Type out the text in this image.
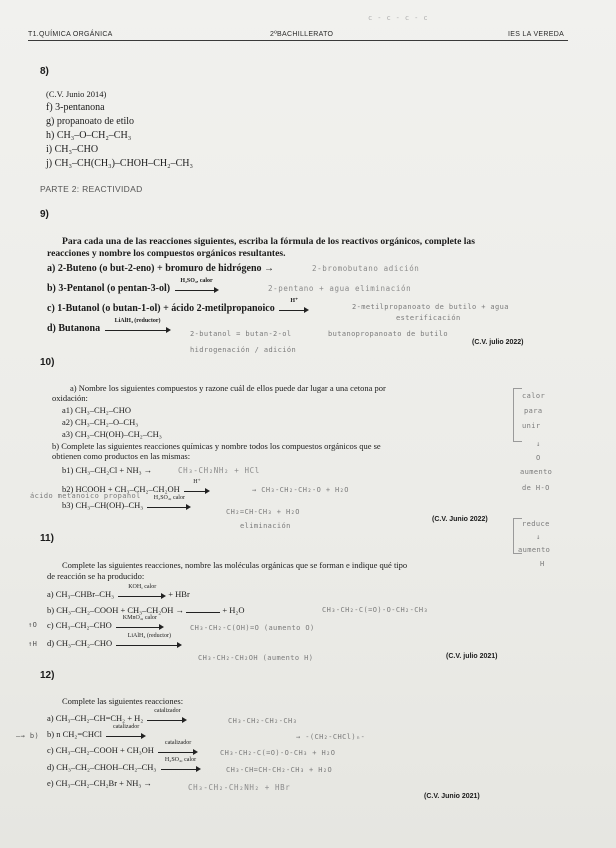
T1.QUÍMICA ORGÁNICA	2ºBACHILLERATO	IES LA VEREDA
c - c - c - c
8)
(C.V. Junio 2014)
f) 3-pentanona
g) propanoato de etilo
h) CH₃–O–CH₂–CH₃
i) CH₃–CHO
j) CH₃–CH(CH₃)–CHOH–CH₂–CH₃
PARTE 2: REACTIVIDAD
9)
Para cada una de las reacciones siguientes, escriba la fórmula de los reactivos orgánicos, complete las
reacciones y nombre los compuestos orgánicos resultantes.
a) 2-Buteno (o but-2-eno) + bromuro de hidrógeno →	2-bromobutano adición
b) 3-Pentanol (o pentan-3-ol)
H₂SO₄, calor
2-pentano + agua eliminación
c) 1-Butanol (o butan-1-ol) + ácido 2-metilpropanoico
H⁺
2-metilpropanoato de butilo + agua
esterificación
d) Butanona
LiAlH₄ (reductor)
2-butanol = butan-2-ol
hidrogenación / adición
butanopropanoato de butilo
(C.V. julio 2022)
10)
a) Nombre los siguientes compuestos y razone cuál de ellos puede dar lugar a una cetona por
oxidación:
a1) CH₃–CH₂–CHO
a2) CH₃–CH₂–O–CH₃
a3) CH₃–CH(OH)–CH₂–CH₃
b) Complete las siguientes reacciones químicas y nombre todos los compuestos orgánicos que se
obtienen como productos en las mismas:
b1) CH₃–CH₂Cl + NH₃ →	CH₃-CH₂NH₂ + HCl
b2) HCOOH + CH₃–CH₂–CH₂OH
H⁺
→ CH₃-CH₂-CH₂-O + H₂O
ácido metanoico propanol
b3) CH₃–CH(OH)–CH₃
H₂SO₄, calor
CH₂=CH-CH₃ + H₂O
eliminación
(C.V. Junio 2022)
calor
para
unir
↓
O
aumento
de H-O
11)
Complete las siguientes reacciones, nombre las moléculas orgánicas que se forman e indique qué tipo
de reacción se ha producido:
a) CH₃–CHBr–CH₃
KOH, calor
+ HBr
b) CH₃–CH₂–COOH + CH₃–CH₂OH →	+ H₂O	CH₃-CH₂-C(=O)-O-CH₂-CH₃
↑O c) CH₃–CH₂–CHO
KMnO₄, calor
CH₃-CH₂-C(OH)=O (aumento O)
↑H d) CH₃–CH₂–CHO
LiAlH₄ (reductor)
CH₃-CH₂-CH₂OH (aumento H)	(C.V. julio 2021)
reduce
↓
aumento
H
12)
Complete las siguientes reacciones:
a) CH₃–CH₂–CH=CH₂ + H₂
catalizador
CH₃-CH₂-CH₂-CH₃
—→ b) b) n CH₂=CHCl
catalizador
→ -(CH₂-CHCl)ₙ-
c) CH₃–CH₂–COOH + CH₃OH
catalizador
CH₃-CH₂-C(=O)-O-CH₃ + H₂O
d) CH₃–CH₂–CHOH–CH₂–CH₃
H₂SO₄, calor
CH₃-CH=CH-CH₂-CH₃ + H₂O
e) CH₃–CH₂–CH₂Br + NH₃ →	CH₃-CH₂-CH₂NH₂ + HBr
(C.V. Junio 2021)
